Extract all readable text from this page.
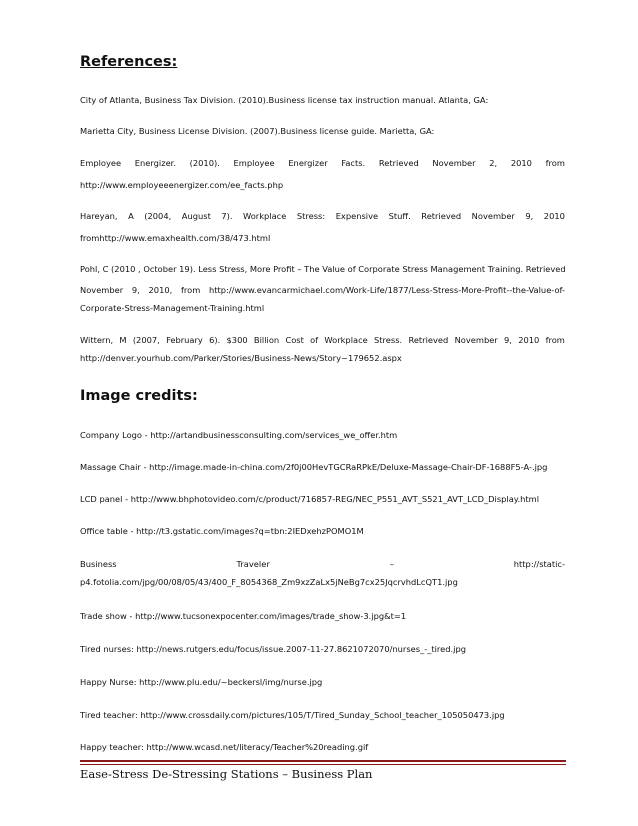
References:

City of Atlanta, Business Tax Division. (2010).Business license tax instruction manual. Atlanta, GA:

Marietta City, Business License Division. (2007).Business license guide. Marietta, GA:

Employee Energizer. (2010). Employee Energizer Facts. Retrieved November 2, 2010 from

http://www.employeeenergizer.com/ee_facts.php

Hareyan, A (2004, August 7). Workplace Stress: Expensive Stuff. Retrieved November 9, 2010

fromhttp://www.emaxhealth.com/38/473.html

Pohl, C (2010 , October 19). Less Stress, More Profit – The Value of Corporate Stress Management Training. Retrieved

November 9, 2010, from http://www.evancarmichael.com/Work-Life/1877/Less-Stress-More-Profit--the-Value-of-

Corporate-Stress-Management-Training.html

Wittern, M (2007, February 6). $300 Billion Cost of Workplace Stress. Retrieved November 9, 2010 from

http://denver.yourhub.com/Parker/Stories/Business-News/Story~179652.aspx

Image credits:

Company Logo - http://artandbusinessconsulting.com/services_we_offer.htm

Massage Chair - http://image.made-in-china.com/2f0j00HevTGCRaRPkE/Deluxe-Massage-Chair-DF-1688F5-A-.jpg

LCD panel - http://www.bhphotovideo.com/c/product/716857-REG/NEC_P551_AVT_S521_AVT_LCD_Display.html

Office table - http://t3.gstatic.com/images?q=tbn:2IEDxehzPOMO1M

Business	Traveler	–	http://static-

p4.fotolia.com/jpg/00/08/05/43/400_F_8054368_Zm9xzZaLx5jNeBg7cx25JqcrvhdLcQT1.jpg

Trade show - http://www.tucsonexpocenter.com/images/trade_show-3.jpg&t=1

Tired nurses: http://news.rutgers.edu/focus/issue.2007-11-27.8621072070/nurses_-_tired.jpg

Happy Nurse: http://www.plu.edu/~beckersl/img/nurse.jpg

Tired teacher: http://www.crossdaily.com/pictures/105/T/Tired_Sunday_School_teacher_105050473.jpg

Happy teacher: http://www.wcasd.net/literacy/Teacher%20reading.gif

Ease-Stress De-Stressing Stations – Business Plan
